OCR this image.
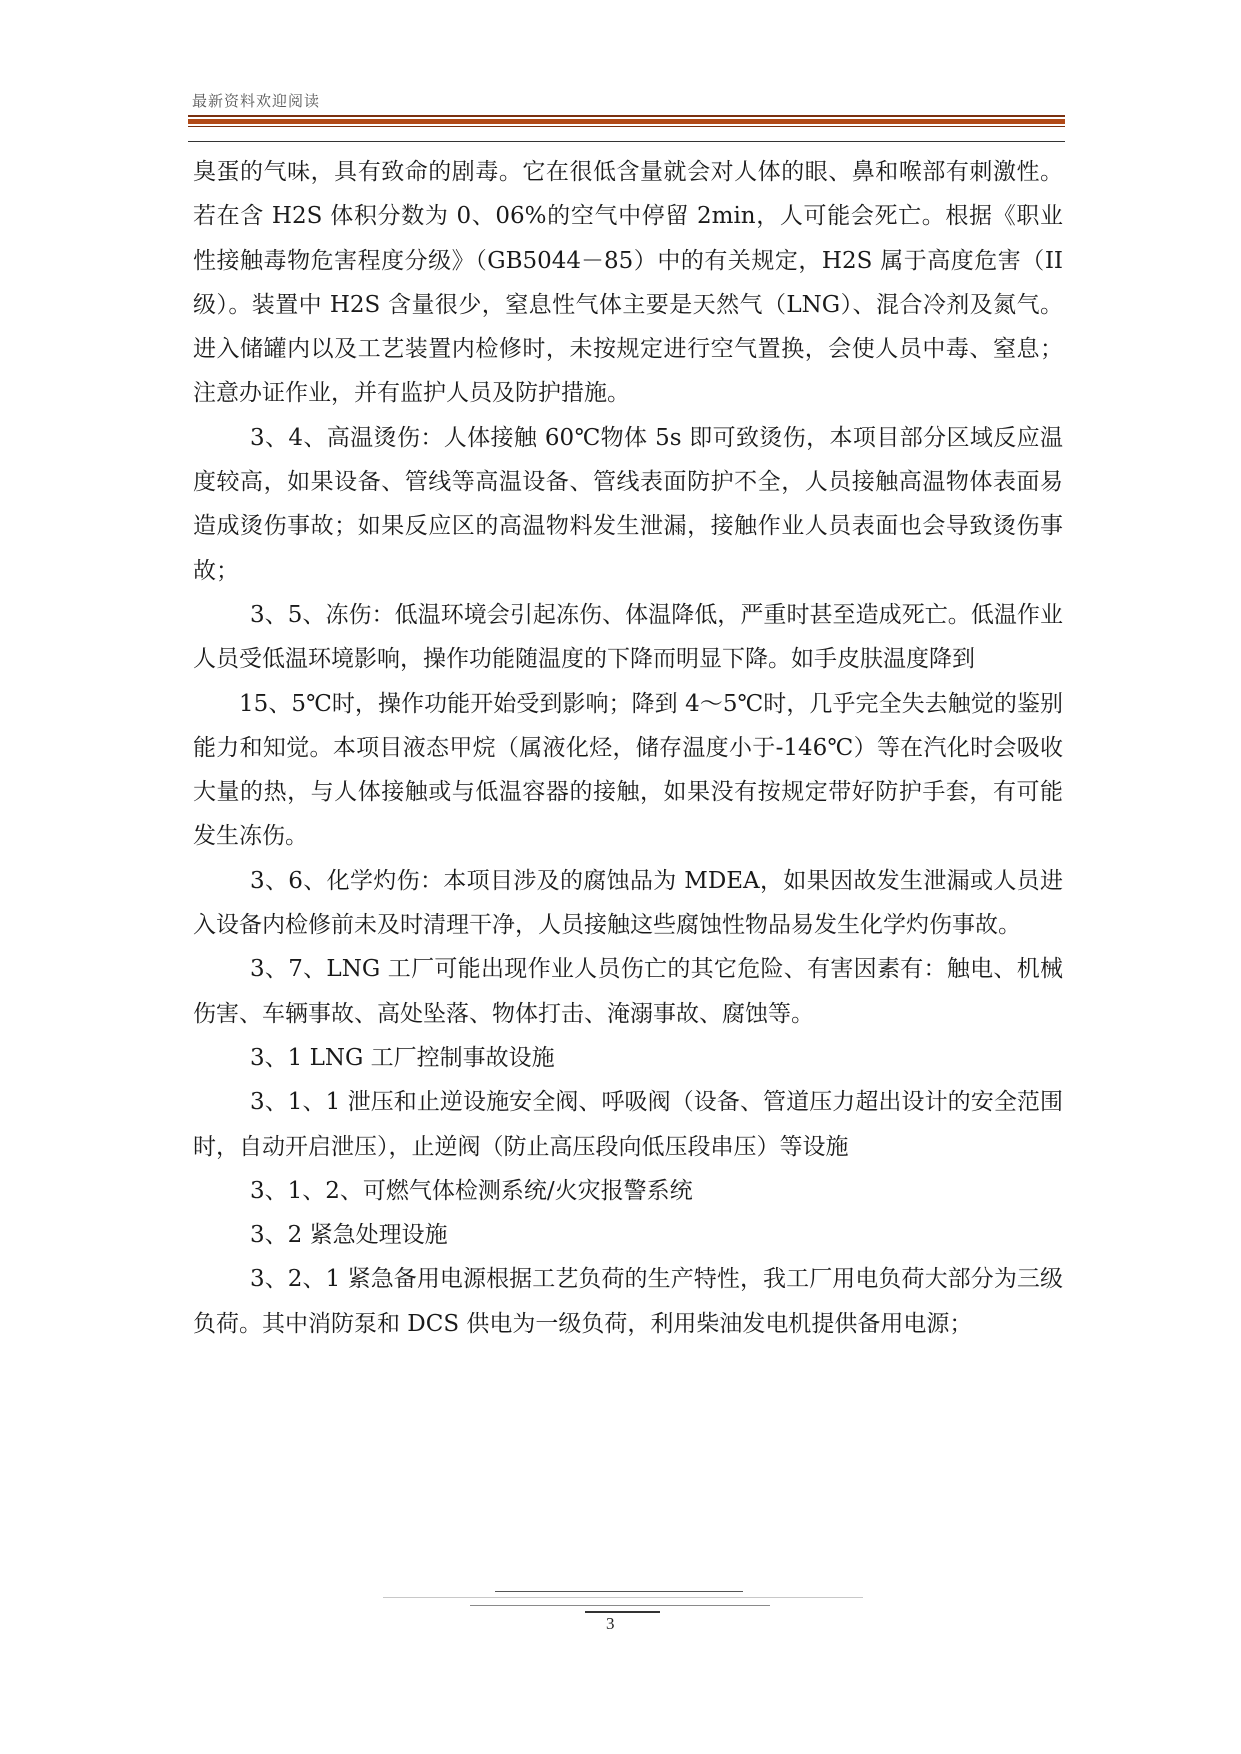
最新资料欢迎阅读

臭蛋的气味，具有致命的剧毒。它在很低含量就会对人体的眼、鼻和喉部有刺激性。若在含 H2S 体积分数为 0、06%的空气中停留 2min，人可能会死亡。根据《职业性接触毒物危害程度分级》（GB5044－85）中的有关规定，H2S 属于高度危害（II 级）。装置中 H2S 含量很少，窒息性气体主要是天然气（LNG）、混合冷剂及氮气。进入储罐内以及工艺装置内检修时，未按规定进行空气置换，会使人员中毒、窒息；注意办证作业，并有监护人员及防护措施。

3、4、高温烫伤：人体接触 60℃物体 5s 即可致烫伤，本项目部分区域反应温度较高，如果设备、管线等高温设备、管线表面防护不全，人员接触高温物体表面易造成烫伤事故；如果反应区的高温物料发生泄漏，接触作业人员表面也会导致烫伤事故；

3、5、冻伤：低温环境会引起冻伤、体温降低，严重时甚至造成死亡。低温作业人员受低温环境影响，操作功能随温度的下降而明显下降。如手皮肤温度降到

15、5℃时，操作功能开始受到影响；降到 4～5℃时，几乎完全失去触觉的鉴别能力和知觉。本项目液态甲烷（属液化烃，储存温度小于-146℃）等在汽化时会吸收大量的热，与人体接触或与低温容器的接触，如果没有按规定带好防护手套，有可能发生冻伤。

3、6、化学灼伤：本项目涉及的腐蚀品为 MDEA，如果因故发生泄漏或人员进入设备内检修前未及时清理干净，人员接触这些腐蚀性物品易发生化学灼伤事故。

3、7、LNG 工厂可能出现作业人员伤亡的其它危险、有害因素有：触电、机械伤害、车辆事故、高处坠落、物体打击、淹溺事故、腐蚀等。

3、1 LNG 工厂控制事故设施

3、1、1 泄压和止逆设施安全阀、呼吸阀（设备、管道压力超出设计的安全范围时，自动开启泄压），止逆阀（防止高压段向低压段串压）等设施

3、1、2、可燃气体检测系统/火灾报警系统

3、2 紧急处理设施

3、2、1 紧急备用电源根据工艺负荷的生产特性，我工厂用电负荷大部分为三级负荷。其中消防泵和 DCS 供电为一级负荷，利用柴油发电机提供备用电源；

3
